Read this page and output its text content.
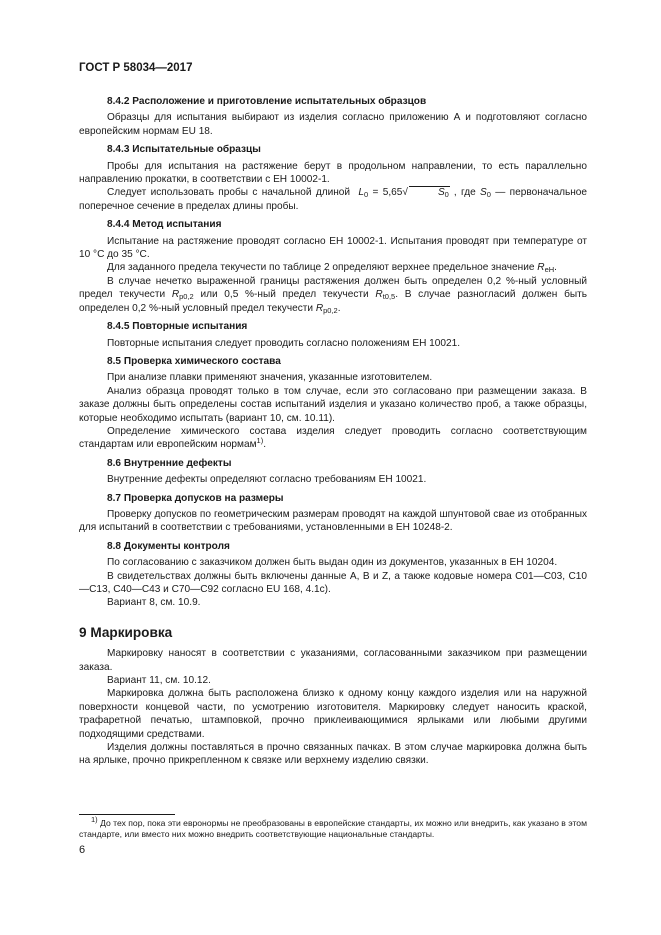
ГОСТ Р 58034—2017
8.4.2 Расположение и приготовление испытательных образцов

Образцы для испытания выбирают из изделия согласно приложению А и подготовляют согласно европейским нормам EU 18.

8.4.3 Испытательные образцы

Пробы для испытания на растяжение берут в продольном направлении, то есть параллельно направлению прокатки, в соответствии с ЕН 10002-1.

Следует использовать пробы с начальной длиной $L_0 = 5,65√$	$S_0$ , где $S_0$ — первоначальное поперечное сечение в пределах длины пробы.

8.4.4 Метод испытания

Испытание на растяжение проводят согласно ЕН 10002-1. Испытания проводят при температуре от 10 °С до 35 °С.

Для заданного предела текучести по таблице 2 определяют верхнее предельное значение $R_{eH}$.

В случае нечетко выраженной границы растяжения должен быть определен 0,2 %-ный условный предел текучести $R_{p0,2}$ или 0,5 %-ный предел текучести $R_{t0,5}$. В случае разногласий должен быть определен 0,2 %-ный условный предел текучести $R_{p0,2}$.

8.4.5 Повторные испытания

Повторные испытания следует проводить согласно положениям ЕН 10021.

8.5 Проверка химического состава

При анализе плавки применяют значения, указанные изготовителем.

Анализ образца проводят только в том случае, если это согласовано при размещении заказа. В заказе должны быть определены состав испытаний изделия и указано количество проб, а также образцы, которые необходимо испытать (вариант 10, см. 10.11).

Определение химического состава изделия следует проводить согласно соответствующим стандартам или европейским нормам$^{1)}$.

8.6 Внутренние дефекты

Внутренние дефекты определяют согласно требованиям ЕН 10021.

8.7 Проверка допусков на размеры

Проверку допусков по геометрическим размерам проводят на каждой шпунтовой свае из отобранных для испытаний в соответствии с требованиями, установленными в ЕН 10248-2.

8.8 Документы контроля

По согласованию с заказчиком должен быть выдан один из документов, указанных в ЕН 10204.

В свидетельствах должны быть включены данные A, B и Z, а также кодовые номера C01—C03, C10—C13, C40—C43 и C70—C92 согласно EU 168, 4.1c).

Вариант 8, см. 10.9.

9 Маркировка

Маркировку наносят в соответствии с указаниями, согласованными заказчиком при размещении заказа.

Вариант 11, см. 10.12.

Маркировка должна быть расположена близко к одному концу каждого изделия или на наружной поверхности концевой части, по усмотрению изготовителя. Маркировку следует наносить краской, трафаретной печатью, штамповкой, прочно приклеивающимися ярлыками или любыми другими подходящими средствами.

Изделия должны поставляться в прочно связанных пачках. В этом случае маркировка должна быть на ярлыке, прочно прикрепленном к связке или верхнему изделию связки.

$^{1)}$ До тех пор, пока эти евронормы не преобразованы в европейские стандарты, их можно или внедрить, как указано в этом стандарте, или вместо них можно внедрить соответствующие национальные стандарты.
6
